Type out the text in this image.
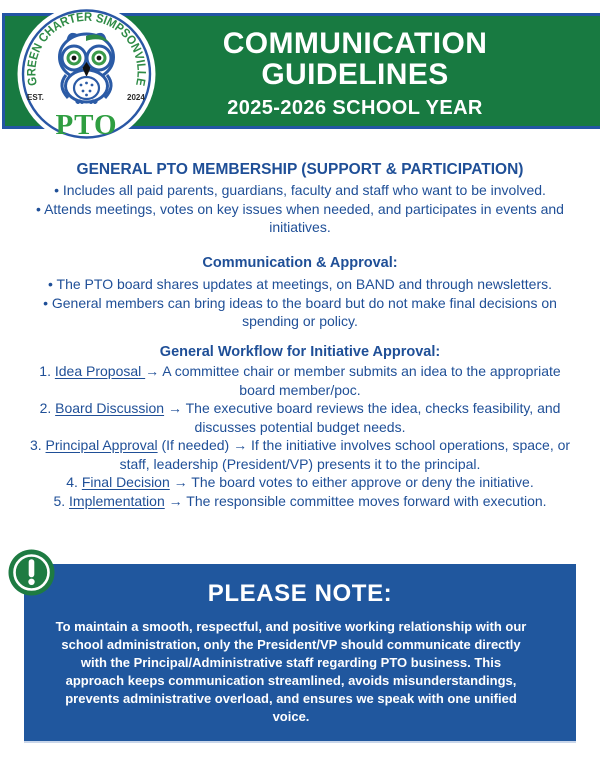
COMMUNICATION
GUIDELINES
2025-2026 SCHOOL YEAR
GREEN CHARTER SIMPSONVILLE
EST.	2024
PTO
GENERAL PTO MEMBERSHIP (SUPPORT & PARTICIPATION)

• Includes all paid parents, guardians, faculty and staff who want to be involved.

• Attends meetings, votes on key issues when needed, and participates in events and initiatives.

Communication & Approval:

• The PTO board shares updates at meetings, on BAND and through newsletters.

• General members can bring ideas to the board but do not make final decisions on spending or policy.

General Workflow for Initiative Approval:

1. Idea Proposal → A committee chair or member submits an idea to the appropriate board member/poc.

2. Board Discussion → The executive board reviews the idea, checks feasibility, and discusses potential budget needs.

3. Principal Approval (If needed) → If the initiative involves school operations, space, or staff, leadership (President/VP) presents it to the principal.

4. Final Decision → The board votes to either approve or deny the initiative.

5. Implementation → The responsible committee moves forward with execution.

PLEASE NOTE:

To maintain a smooth, respectful, and positive working relationship with our school administration, only the President/VP should communicate directly with the Principal/Administrative staff regarding PTO business. This approach keeps communication streamlined, avoids misunderstandings, prevents administrative overload, and ensures we speak with one unified voice.
